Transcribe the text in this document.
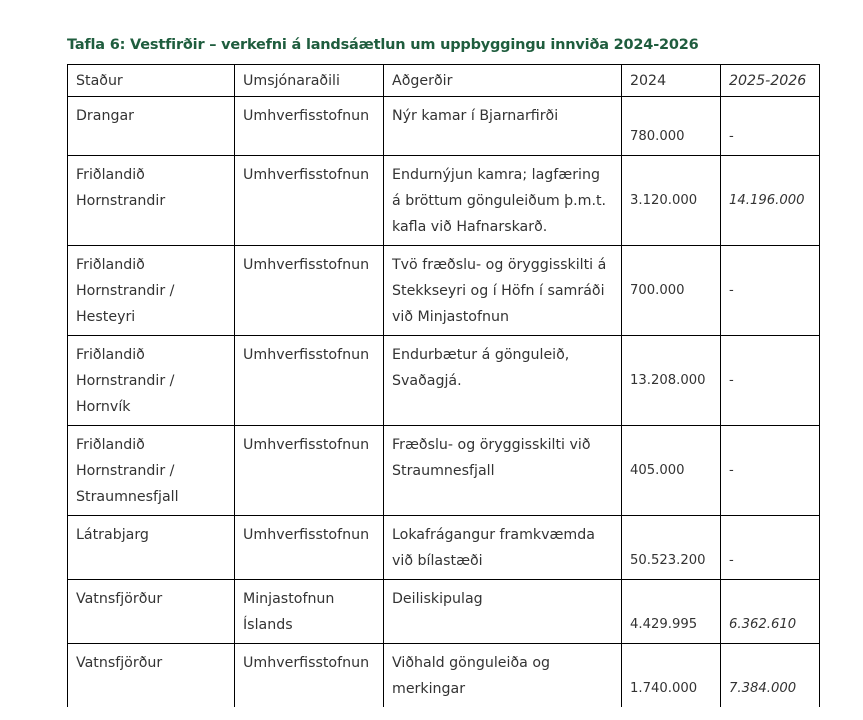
Tafla 6: Vestfirðir – verkefni á landsáætlun um uppbyggingu innviða 2024-2026
Staður	Umsjónaraðili	Aðgerðir	2024	2025-2026
Drangar	Umhverfisstofnun	Nýr kamar í Bjarnarfirði	780.000	-
Friðlandið Hornstrandir	Umhverfisstofnun	Endurnýjun kamra; lagfæring á bröttum gönguleiðum þ.m.t. kafla við Hafnarskarð.	3.120.000	14.196.000
Friðlandið Hornstrandir / Hesteyri	Umhverfisstofnun	Tvö fræðslu- og öryggisskilti á Stekkseyri og í Höfn í samráði við Minjastofnun	700.000	-
Friðlandið Hornstrandir / Hornvík	Umhverfisstofnun	Endurbætur á gönguleið, Svaðagjá.	13.208.000	-
Friðlandið Hornstrandir / Straumnesfjall	Umhverfisstofnun	Fræðslu- og öryggisskilti við Straumnesfjall	405.000	-
Látrabjarg	Umhverfisstofnun	Lokafrágangur framkvæmda við bílastæði	50.523.200	-
Vatnsfjörður	Minjastofnun Íslands	Deiliskipulag	4.429.995	6.362.610
Vatnsfjörður	Umhverfisstofnun	Viðhald gönguleiða og merkingar	1.740.000	7.384.000
